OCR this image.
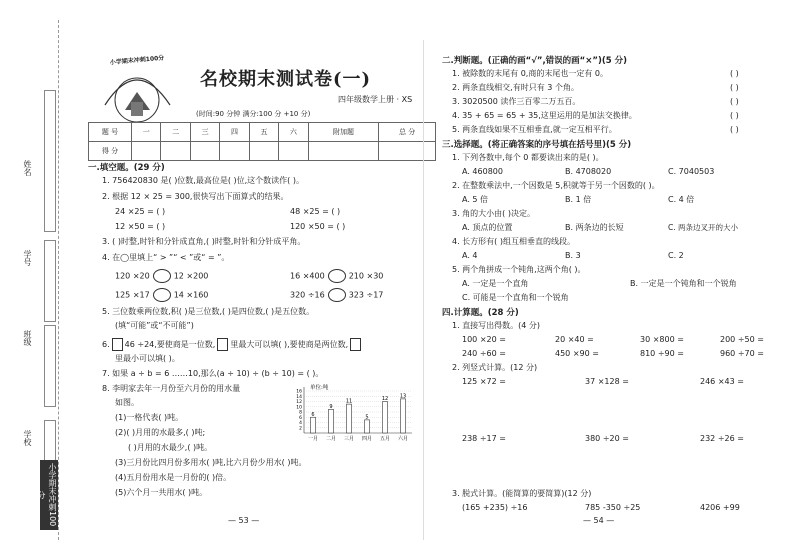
姓名
学号
班级
学校
小学期末冲刺100分
小学期末冲刺100分
名校期末测试卷(一)
四年级数学上册 · XS
(时间:90 分钟 满分:100 分 +10 分)
题 号	一	二	三	四	五	六	附加题	总 分
得 分								
一.填空题。(29 分)
1. 756420830 是( )位数,最高位是( )位,这个数读作( )。
2. 根据 12 × 25 = 300,很快写出下面算式的结果。
24 ×25 = ( )	48 ×25 = ( )
12 ×50 = ( )	120 ×50 = ( )
3. ( )时整,时针和分针成直角,( )时整,时针和分针成平角。
4. 在◯里填上“ > ”“ < ”或“ = ”。
120 ×20	12 ×200	16 ×400	210 ×30
125 ×17	14 ×160	320 ÷16	323 ÷17
5. 三位数乘两位数,积( )是三位数,( )是四位数,( )是五位数。
(填“可能”或“不可能”)
6. 46 ÷24,要使商是一位数, 里最大可以填( ),要使商是两位数,
里最小可以填( )。
7. 如果 a ÷ b = 6 ……10,那么(a ÷ 10) ÷ (b ÷ 10) = ( )。
8. 李明家去年一月份至六月份的用水量
如图。
(1)一格代表( )吨。
(2)( )月用的水最多,( )吨;
( )月用的水最少,( )吨。
(3)三月份比四月份多用水( )吨,比六月份少用水( )吨。
(4)五月份用水是一月份的( )倍。
(5)六个月一共用水( )吨。
— 53 —
单位:吨
2
4
6
8
10
12
14
16
6
一月
9
二月
11
三月
5
四月
12
五月
13
六月
二.判断题。(正确的画“√”,错误的画“×”)(5 分)
1. 被除数的末尾有 0,商的末尾也一定有 0。
2. 两条直线相交,有时只有 3 个角。
3. 3020500 读作三百零二万五百。
4. 35 + 65 = 65 + 35,这里运用的是加法交换律。
5. 两条直线如果不互相垂直,就一定互相平行。
( )
( )
( )
( )
( )
三.选择题。(将正确答案的序号填在括号里)(5 分)
1. 下列各数中,每个 0 都要读出来的是( )。
A. 460800	B. 4708020	C. 7040503
2. 在整数乘法中,一个因数是 5,积就等于另一个因数的( )。
A. 5 倍	B. 1 倍	C. 4 倍
3. 角的大小由( )决定。
A. 顶点的位置	B. 两条边的长短	C. 两条边叉开的大小
4. 长方形有( )组互相垂直的线段。
A. 4	B. 3	C. 2
5. 两个角拼成一个钝角,这两个角( )。
A. 一定是一个直角	B. 一定是一个钝角和一个锐角
C. 可能是一个直角和一个锐角
四.计算题。(28 分)
1. 直接写出得数。(4 分)
100 ×20 =	20 ×40 =	30 ×800 =	200 ÷50 =
240 ÷60 =	450 ×90 =	810 ÷90 =	960 ÷70 =
2. 列竖式计算。(12 分)
125 ×72 =	37 ×128 =	246 ×43 =
238 ÷17 =	380 ÷20 =	232 ÷26 =
3. 脱式计算。(能简算的要简算)(12 分)
(165 +235) ÷16	785 -350 ÷25	4206 +99
— 54 —
